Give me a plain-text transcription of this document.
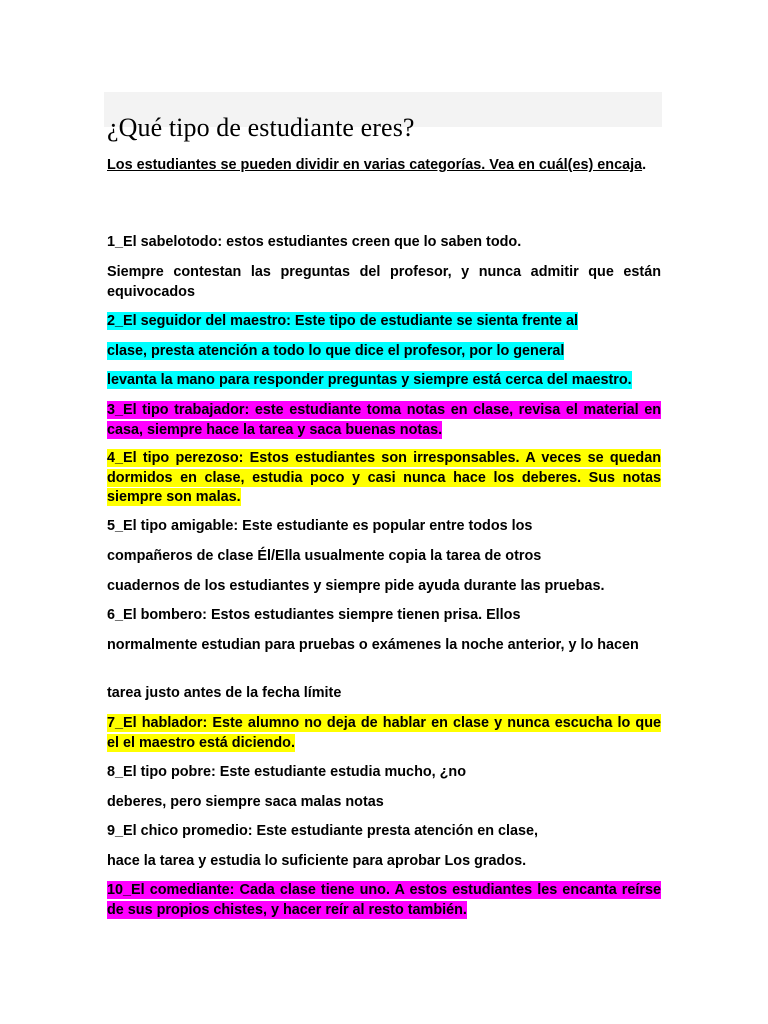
¿Qué tipo de estudiante eres?
Los estudiantes se pueden dividir en varias categorías. Vea en cuál(es) encaja.

1_El sabelotodo: estos estudiantes creen que lo saben todo.

Siempre contestan las preguntas del profesor, y nunca admitir que están equivocados

2_El seguidor del maestro: Este tipo de estudiante se sienta frente al

clase, presta atención a todo lo que dice el profesor, por lo general

levanta la mano para responder preguntas y siempre está cerca del maestro.

3_El tipo trabajador: este estudiante toma notas en clase, revisa el material en casa, siempre hace la tarea y saca buenas notas.

4_El tipo perezoso: Estos estudiantes son irresponsables. A veces se quedan dormidos en clase, estudia poco y casi nunca hace los deberes. Sus notas siempre son malas.

5_El tipo amigable: Este estudiante es popular entre todos los

compañeros de clase Él/Ella usualmente copia la tarea de otros

cuadernos de los estudiantes y siempre pide ayuda durante las pruebas.

6_El bombero: Estos estudiantes siempre tienen prisa. Ellos

normalmente estudian para pruebas o exámenes la noche anterior, y lo hacen

tarea justo antes de la fecha límite

7_El hablador: Este alumno no deja de hablar en clase y nunca escucha lo que el el maestro está diciendo.

8_El tipo pobre: Este estudiante estudia mucho, ¿no

deberes, pero siempre saca malas notas

9_El chico promedio: Este estudiante presta atención en clase,

hace la tarea y estudia lo suficiente para aprobar Los grados.

10_El comediante: Cada clase tiene uno. A estos estudiantes les encanta reírse de sus propios chistes, y hacer reír al resto también.
